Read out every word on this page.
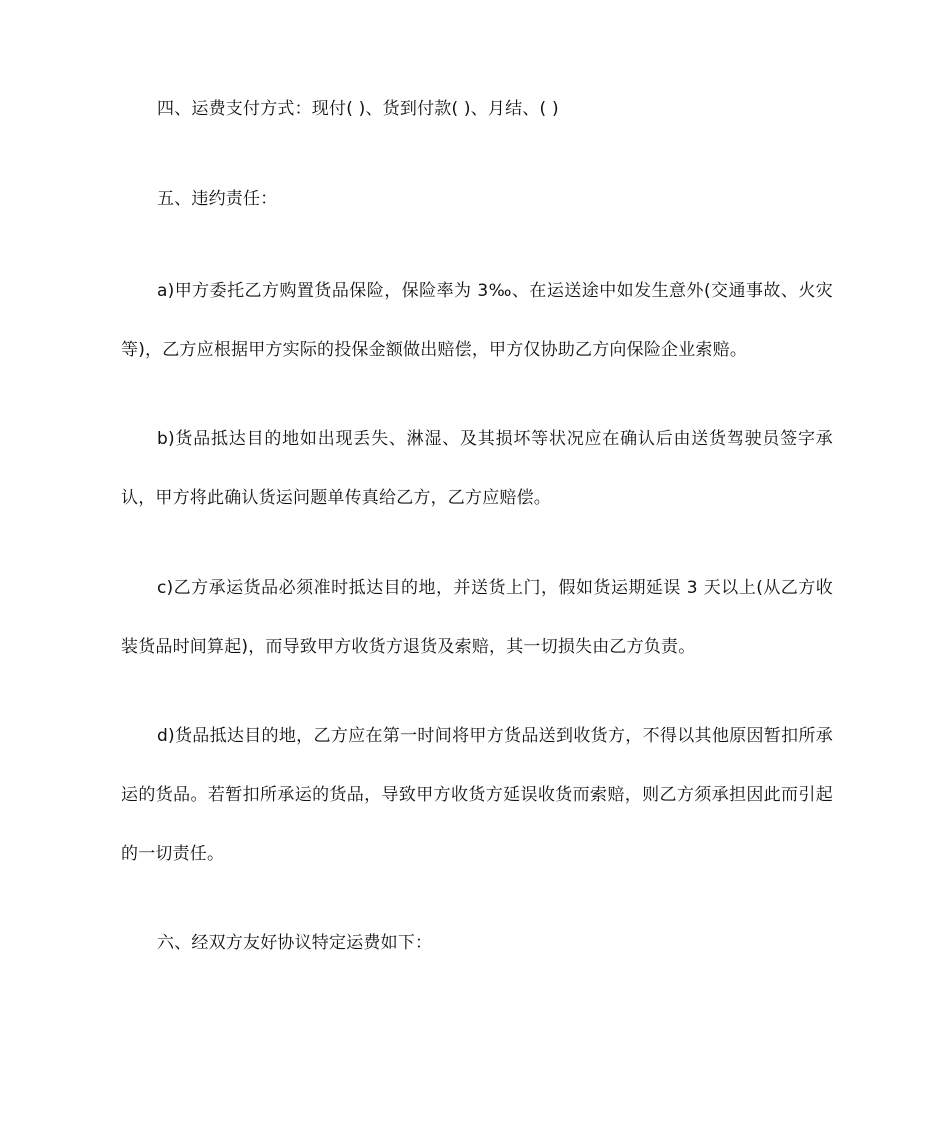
四、运费支付方式：现付( )、货到付款( )、月结、( )

五、违约责任：

a)甲方委托乙方购置货品保险，保险率为 3‰、在运送途中如发生意外(交通事故、火灾等)，乙方应根据甲方实际的投保金额做出赔偿，甲方仅协助乙方向保险企业索赔。

b)货品抵达目的地如出现丢失、淋湿、及其损坏等状况应在确认后由送货驾驶员签字承认，甲方将此确认货运问题单传真给乙方，乙方应赔偿。

c)乙方承运货品必须准时抵达目的地，并送货上门，假如货运期延误 3 天以上(从乙方收装货品时间算起)，而导致甲方收货方退货及索赔，其一切损失由乙方负责。

d)货品抵达目的地，乙方应在第一时间将甲方货品送到收货方，不得以其他原因暂扣所承运的货品。若暂扣所承运的货品，导致甲方收货方延误收货而索赔，则乙方须承担因此而引起的一切责任。

六、经双方友好协议特定运费如下：
